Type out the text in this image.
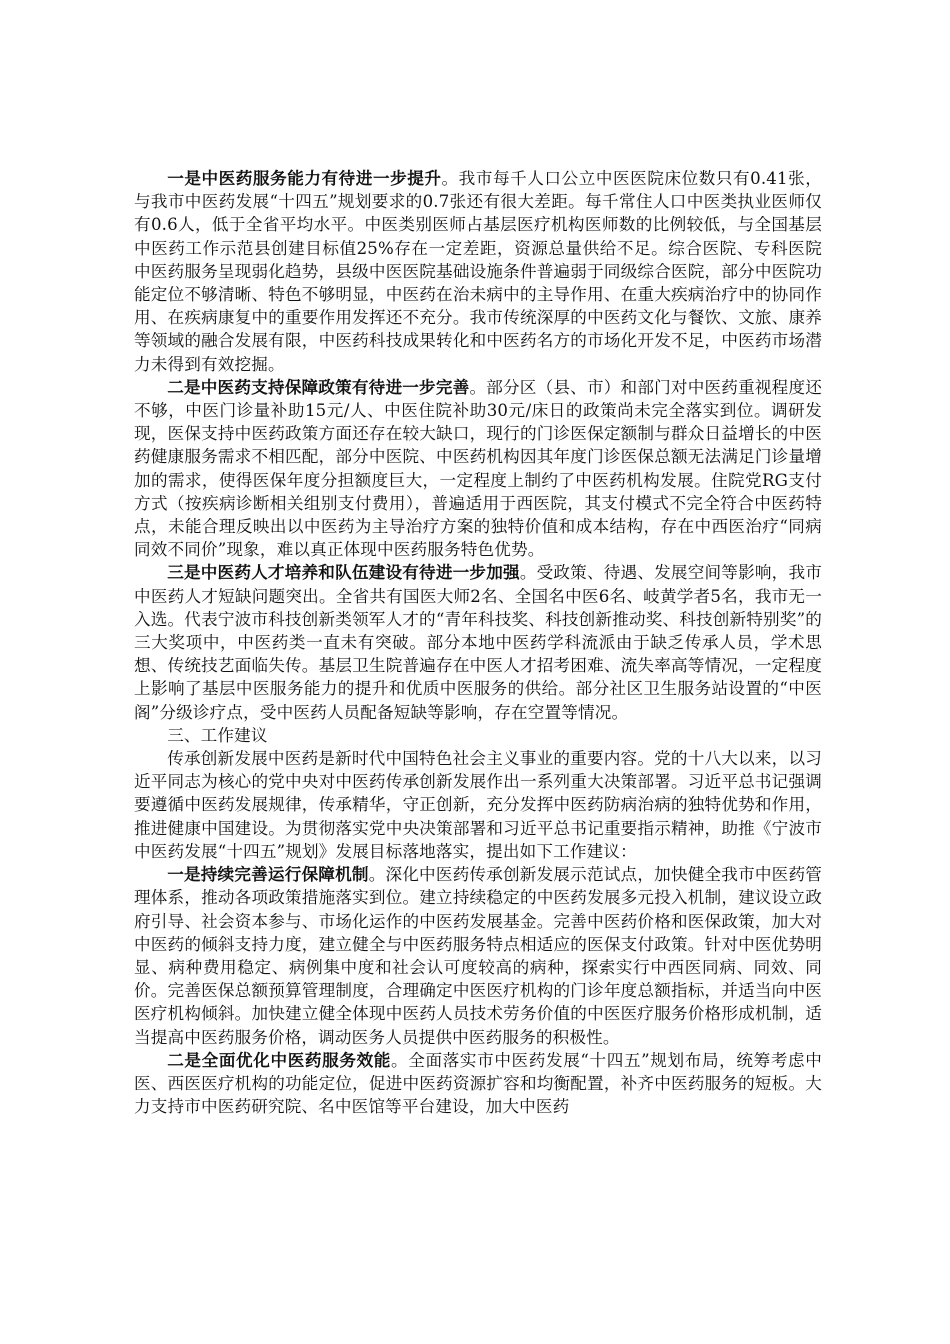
一是中医药服务能力有待进一步提升。我市每千人口公立中医医院床位数只有0.41张，与我市中医药发展“十四五”规划要求的0.7张还有很大差距。每千常住人口中医类执业医师仅有0.6人，低于全省平均水平。中医类别医师占基层医疗机构医师数的比例较低，与全国基层中医药工作示范县创建目标值25%存在一定差距，资源总量供给不足。综合医院、专科医院中医药服务呈现弱化趋势，县级中医医院基础设施条件普遍弱于同级综合医院，部分中医院功能定位不够清晰、特色不够明显，中医药在治未病中的主导作用、在重大疾病治疗中的协同作用、在疾病康复中的重要作用发挥还不充分。我市传统深厚的中医药文化与餐饮、文旅、康养等领域的融合发展有限，中医药科技成果转化和中医药名方的市场化开发不足，中医药市场潜力未得到有效挖掘。

二是中医药支持保障政策有待进一步完善。部分区（县、市）和部门对中医药重视程度还不够，中医门诊量补助15元/人、中医住院补助30元/床日的政策尚未完全落实到位。调研发现，医保支持中医药政策方面还存在较大缺口，现行的门诊医保定额制与群众日益增长的中医药健康服务需求不相匹配，部分中医院、中医药机构因其年度门诊医保总额无法满足门诊量增加的需求，使得医保年度分担额度巨大，一定程度上制约了中医药机构发展。住院党RG支付方式（按疾病诊断相关组别支付费用），普遍适用于西医院，其支付模式不完全符合中医药特点，未能合理反映出以中医药为主导治疗方案的独特价值和成本结构，存在中西医治疗“同病同效不同价”现象，难以真正体现中医药服务特色优势。

三是中医药人才培养和队伍建设有待进一步加强。受政策、待遇、发展空间等影响，我市中医药人才短缺问题突出。全省共有国医大师2名、全国名中医6名、岐黄学者5名，我市无一入选。代表宁波市科技创新类领军人才的“青年科技奖、科技创新推动奖、科技创新特别奖”的三大奖项中，中医药类一直未有突破。部分本地中医药学科流派由于缺乏传承人员，学术思想、传统技艺面临失传。基层卫生院普遍存在中医人才招考困难、流失率高等情况，一定程度上影响了基层中医服务能力的提升和优质中医服务的供给。部分社区卫生服务站设置的“中医阁”分级诊疗点，受中医药人员配备短缺等影响，存在空置等情况。

三、工作建议

传承创新发展中医药是新时代中国特色社会主义事业的重要内容。党的十八大以来，以习近平同志为核心的党中央对中医药传承创新发展作出一系列重大决策部署。习近平总书记强调要遵循中医药发展规律，传承精华，守正创新，充分发挥中医药防病治病的独特优势和作用，推进健康中国建设。为贯彻落实党中央决策部署和习近平总书记重要指示精神，助推《宁波市中医药发展“十四五”规划》发展目标落地落实，提出如下工作建议：

一是持续完善运行保障机制。深化中医药传承创新发展示范试点，加快健全我市中医药管理体系，推动各项政策措施落实到位。建立持续稳定的中医药发展多元投入机制，建议设立政府引导、社会资本参与、市场化运作的中医药发展基金。完善中医药价格和医保政策，加大对中医药的倾斜支持力度，建立健全与中医药服务特点相适应的医保支付政策。针对中医优势明显、病种费用稳定、病例集中度和社会认可度较高的病种，探索实行中西医同病、同效、同价。完善医保总额预算管理制度，合理确定中医医疗机构的门诊年度总额指标，并适当向中医医疗机构倾斜。加快建立健全体现中医药人员技术劳务价值的中医医疗服务价格形成机制，适当提高中医药服务价格，调动医务人员提供中医药服务的积极性。

二是全面优化中医药服务效能。全面落实市中医药发展“十四五”规划布局，统筹考虑中医、西医医疗机构的功能定位，促进中医药资源扩容和均衡配置，补齐中医药服务的短板。大力支持市中医药研究院、名中医馆等平台建设，加大中医药
